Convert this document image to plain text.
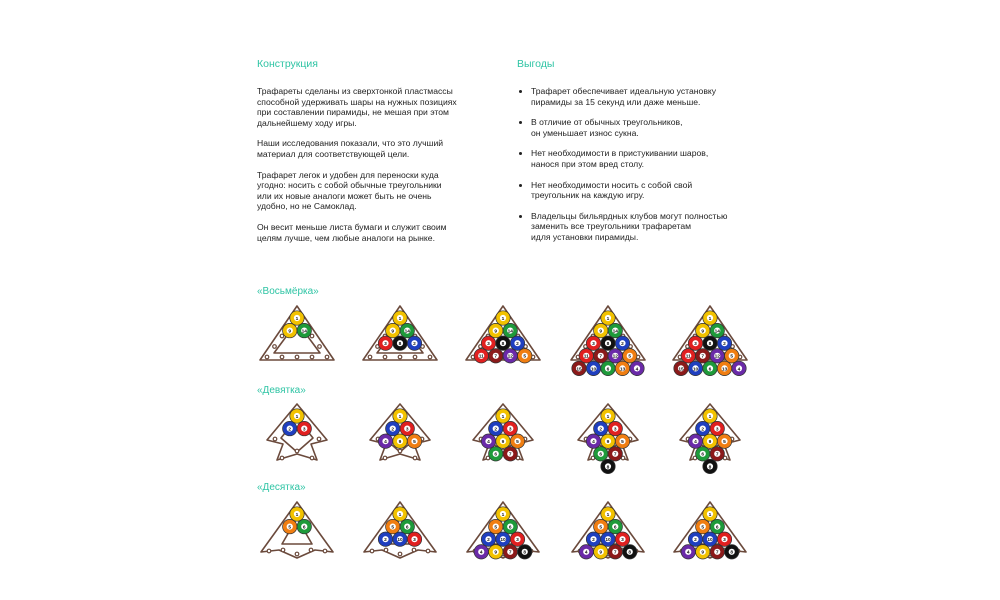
Конструкция

Трафареты сделаны из сверхтонкой пластмассы
способной удерживать шары на нужных позициях
при составлении пирамиды, не мешая при этом
дальнейшему ходу игры.

Наши исследования показали, что это лучший
материал для соответствующей цели.

Трафарет легок и удобен для переноски куда
угодно: носить с собой обычные треугольники
или их новые аналоги может быть не очень
удобно, но не Самоклад.

Он весит меньше листа бумаги и служит своим
целям лучше, чем любые аналоги на рынке.

Выгоды
Трафарет обеспечивает идеальную установку
пирамиды за 15 секунд или даже меньше.
В отличие от обычных треугольников,
он уменьшает износ сукна.
Нет необходимости в пристукивании шаров,
нанося при этом вред столу.
Нет необходимости носить с собой свой
треугольник на каждую игру.
Владельцы бильярдных клубов могут полностью
заменить все треугольники трафаретам
идля установки пирамиды.
«Восьмёрка»
«Девятка»
«Десятка»
1
9 14
1
9 14
3 8 2
1
9 14
3 8 2
11 7 12 5
1
9 14
3 8 2
11 7 12 5
15 10 6 13 4
1
9 14
3 8 2
11 7 12 5
15 10 6 13 4
1
2 3
1
2 3
4 9 5
1
2 3
4 9 5
6 7
1
2 3
4 9 5
6 7
8
1
2 3
4 9 5
6 7
8
1
5 6
1
5 6
2 10 3
1
5 6
2 10 3
4 9 7 8
1
5 6
2 10 3
4 9 7 8
1
5 6
2 10 3
4 9 7 8
